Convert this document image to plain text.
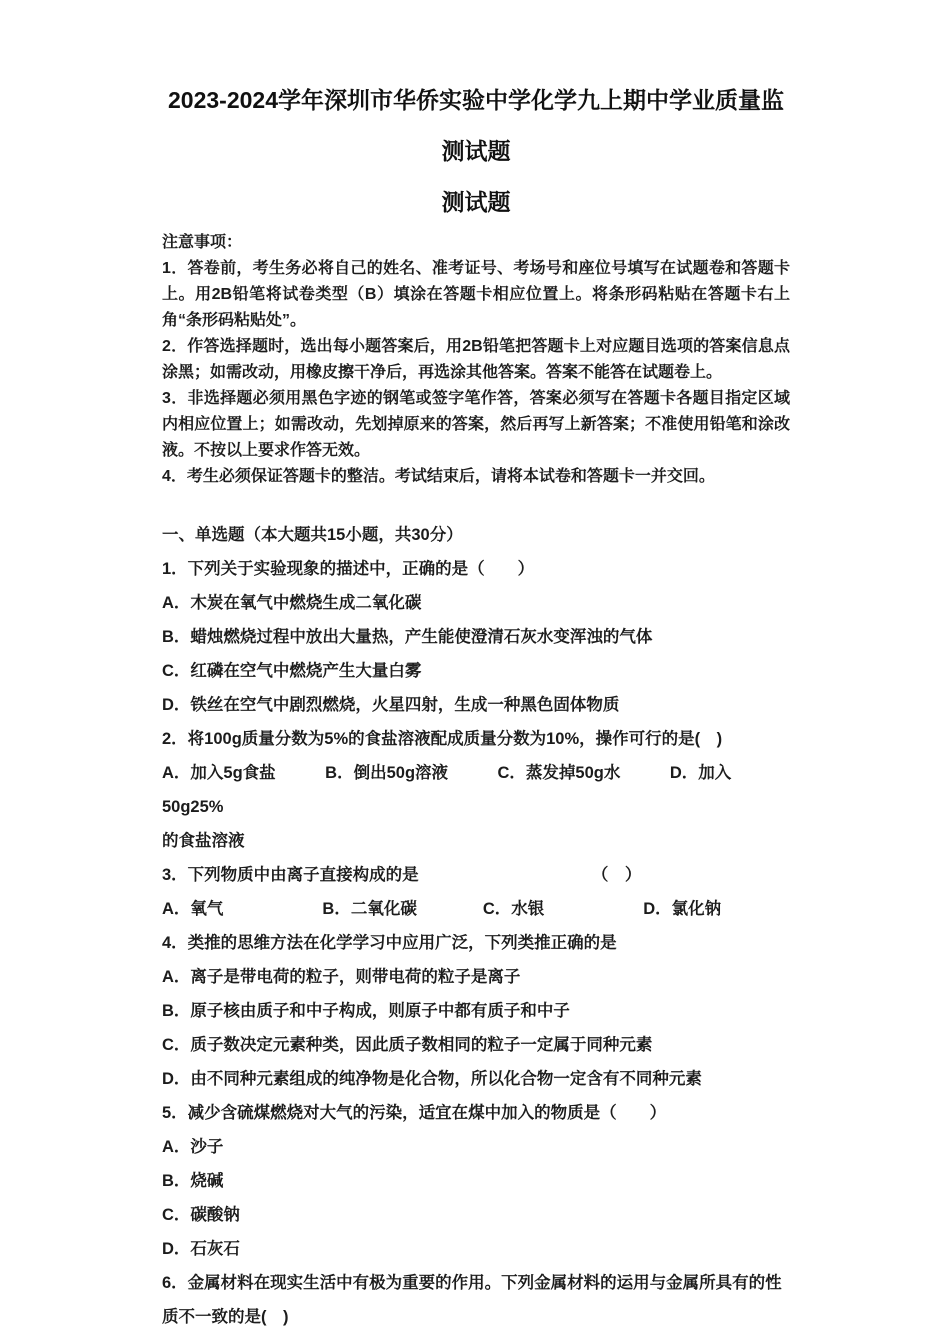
2023-2024学年深圳市华侨实验中学化学九上期中学业质量监
测试题
测试题
注意事项：

1．答卷前，考生务必将自己的姓名、准考证号、考场号和座位号填写在试题卷和答题卡上。用2B铅笔将试卷类型（B）填涂在答题卡相应位置上。将条形码粘贴在答题卡右上角“条形码粘贴处”。

2．作答选择题时，选出每小题答案后，用2B铅笔把答题卡上对应题目选项的答案信息点涂黑；如需改动，用橡皮擦干净后，再选涂其他答案。答案不能答在试题卷上。

3．非选择题必须用黑色字迹的钢笔或签字笔作答，答案必须写在答题卡各题目指定区域内相应位置上；如需改动，先划掉原来的答案，然后再写上新答案；不准使用铅笔和涂改液。不按以上要求作答无效。

4．考生必须保证答题卡的整洁。考试结束后，请将本试卷和答题卡一并交回。

一、单选题（本大题共15小题，共30分）

1．下列关于实验现象的描述中，正确的是（　　）

A．木炭在氧气中燃烧生成二氧化碳

B．蜡烛燃烧过程中放出大量热，产生能使澄清石灰水变浑浊的气体

C．红磷在空气中燃烧产生大量白雾

D．铁丝在空气中剧烈燃烧，火星四射，生成一种黑色固体物质

2．将100g质量分数为5%的食盐溶液配成质量分数为10%，操作可行的是(　)

A．加入5g食盐　　　B．倒出50g溶液　　　C．蒸发掉50g水　　　D．加入50g25%

的食盐溶液

3．下列物质中由离子直接构成的是　　　　　　　　　　　（　）

A．氧气　　　　　　B．二氧化碳　　　　C．水银　　　　　　D．氯化钠

4．类推的思维方法在化学学习中应用广泛，下列类推正确的是

A．离子是带电荷的粒子，则带电荷的粒子是离子

B．原子核由质子和中子构成，则原子中都有质子和中子

C．质子数决定元素种类，因此质子数相同的粒子一定属于同种元素

D．由不同种元素组成的纯净物是化合物，所以化合物一定含有不同种元素

5．减少含硫煤燃烧对大气的污染，适宜在煤中加入的物质是（　　）

A．沙子

B．烧碱

C．碳酸钠

D．石灰石

6．金属材料在现实生活中有极为重要的作用。下列金属材料的运用与金属所具有的性

质不一致的是(　)
